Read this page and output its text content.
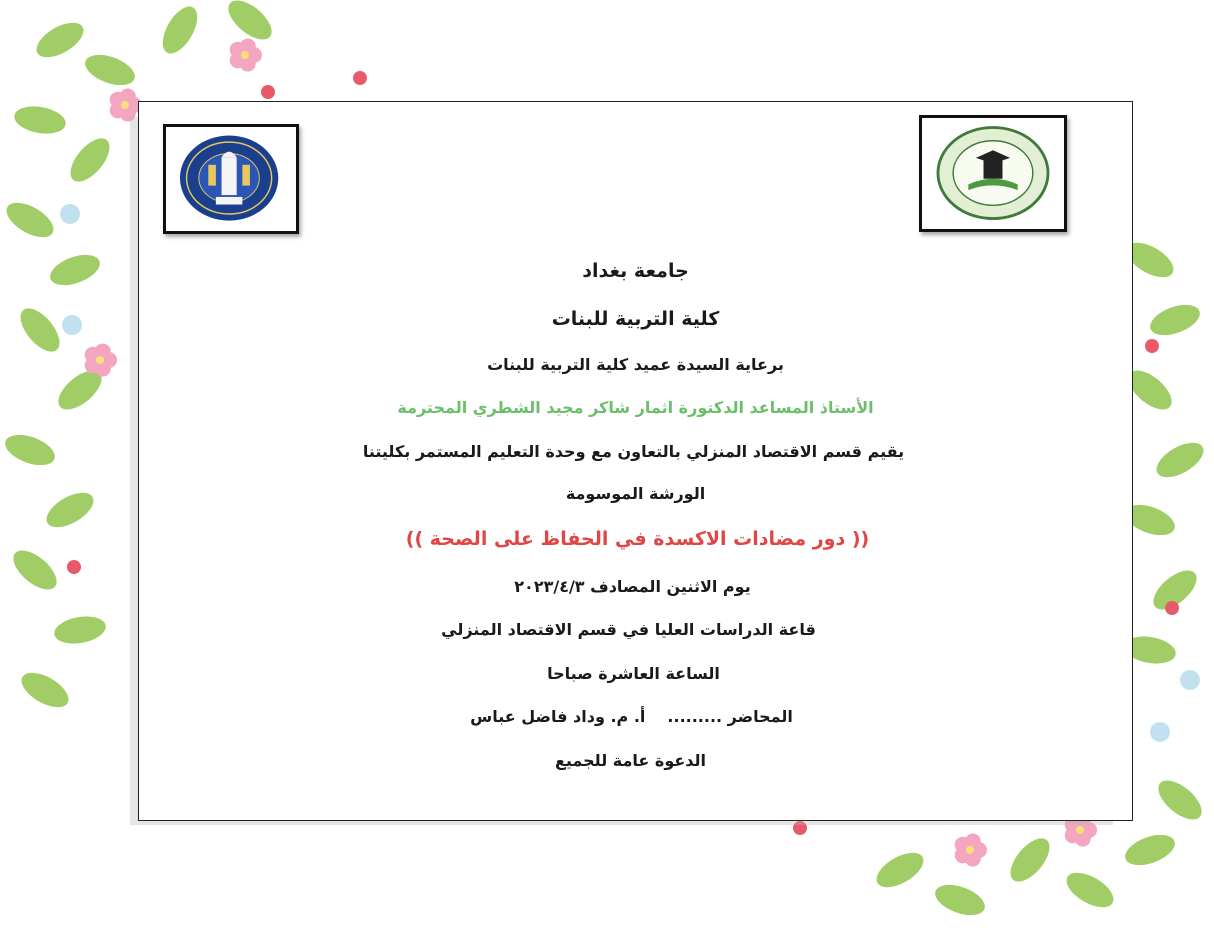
جامعة بغداد
كلية التربية للبنات
برعاية السيدة عميد كلية التربية للبنات
الأستاذ المساعد الدكتورة اثمار شاكر مجيد الشطري المحترمة
يقيم قسم الاقتصاد المنزلي بالتعاون مع وحدة التعليم المستمر بكليتنا
الورشة الموسومة
(( دور مضادات الاكسدة في الحفاظ على الصحة ))
يوم الاثنين المصادف ٢٠٢٣/٤/٣
قاعة الدراسات العليا في قسم الاقتصاد المنزلي
الساعة العاشرة صباحا
المحاضر .........أ. م. وداد فاضل عباس
الدعوة عامة للجميع
